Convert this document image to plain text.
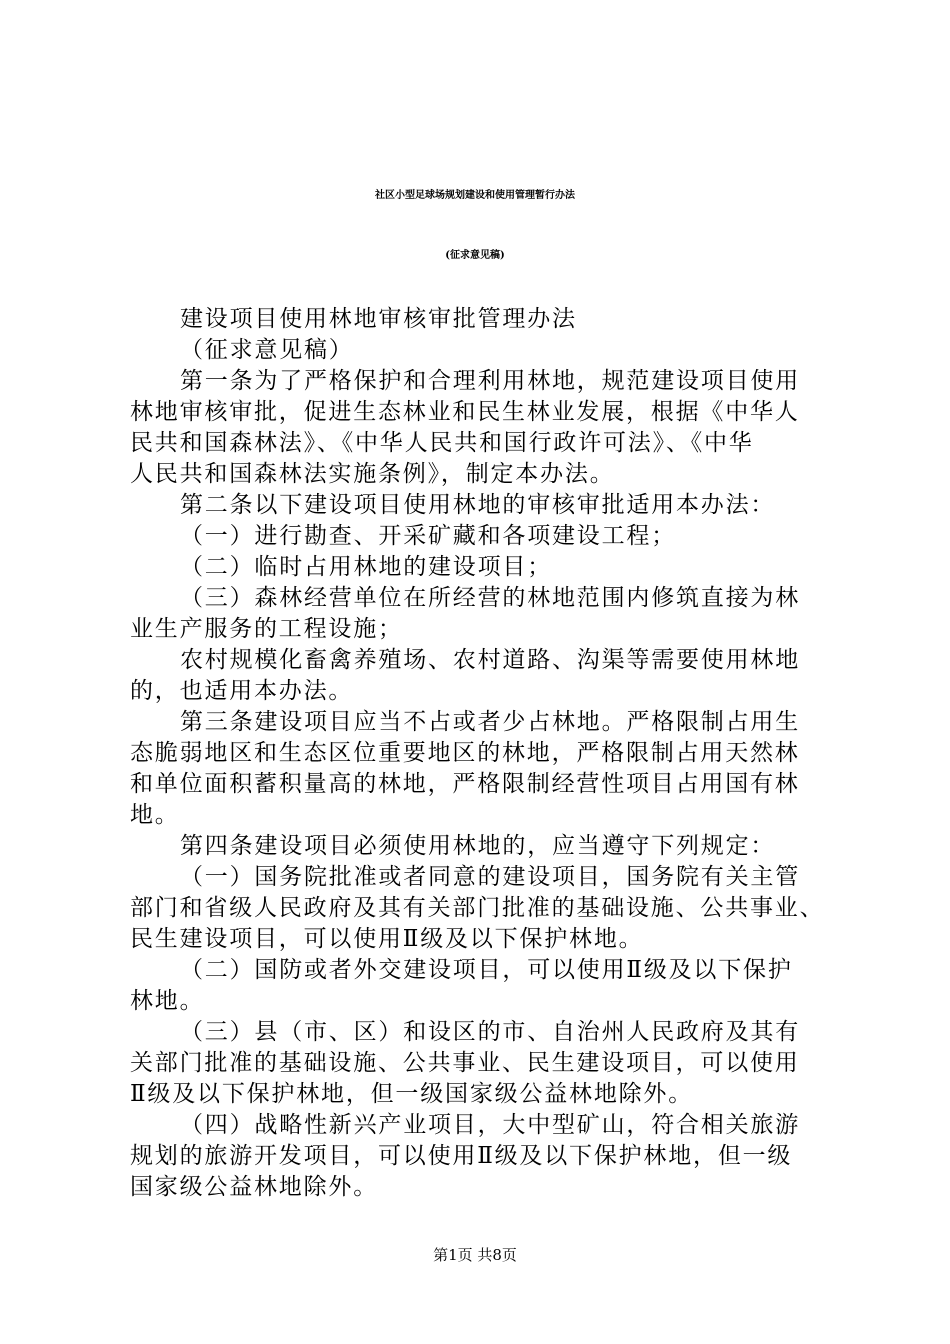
社区小型足球场规划建设和使用管理暂行办法
(征求意见稿)

建设项目使用林地审核审批管理办法

（征求意见稿）

第一条为了严格保护和合理利用林地，规范建设项目使用

林地审核审批，促进生态林业和民生林业发展，根据《中华人

民共和国森林法》、《中华人民共和国行政许可法》、《中华

人民共和国森林法实施条例》，制定本办法。

第二条以下建设项目使用林地的审核审批适用本办法：

（一）进行勘查、开采矿藏和各项建设工程；

（二）临时占用林地的建设项目；

（三）森林经营单位在所经营的林地范围内修筑直接为林

业生产服务的工程设施；

农村规模化畜禽养殖场、农村道路、沟渠等需要使用林地

的，也适用本办法。

第三条建设项目应当不占或者少占林地。严格限制占用生

态脆弱地区和生态区位重要地区的林地，严格限制占用天然林

和单位面积蓄积量高的林地，严格限制经营性项目占用国有林

地。

第四条建设项目必须使用林地的，应当遵守下列规定：

（一）国务院批准或者同意的建设项目，国务院有关主管

部门和省级人民政府及其有关部门批准的基础设施、公共事业、

民生建设项目，可以使用Ⅱ级及以下保护林地。

（二）国防或者外交建设项目，可以使用Ⅱ级及以下保护

林地。

（三）县（市、区）和设区的市、自治州人民政府及其有

关部门批准的基础设施、公共事业、民生建设项目，可以使用

Ⅱ级及以下保护林地，但一级国家级公益林地除外。

（四）战略性新兴产业项目，大中型矿山，符合相关旅游

规划的旅游开发项目，可以使用Ⅱ级及以下保护林地，但一级

国家级公益林地除外。

第1页 共8页
